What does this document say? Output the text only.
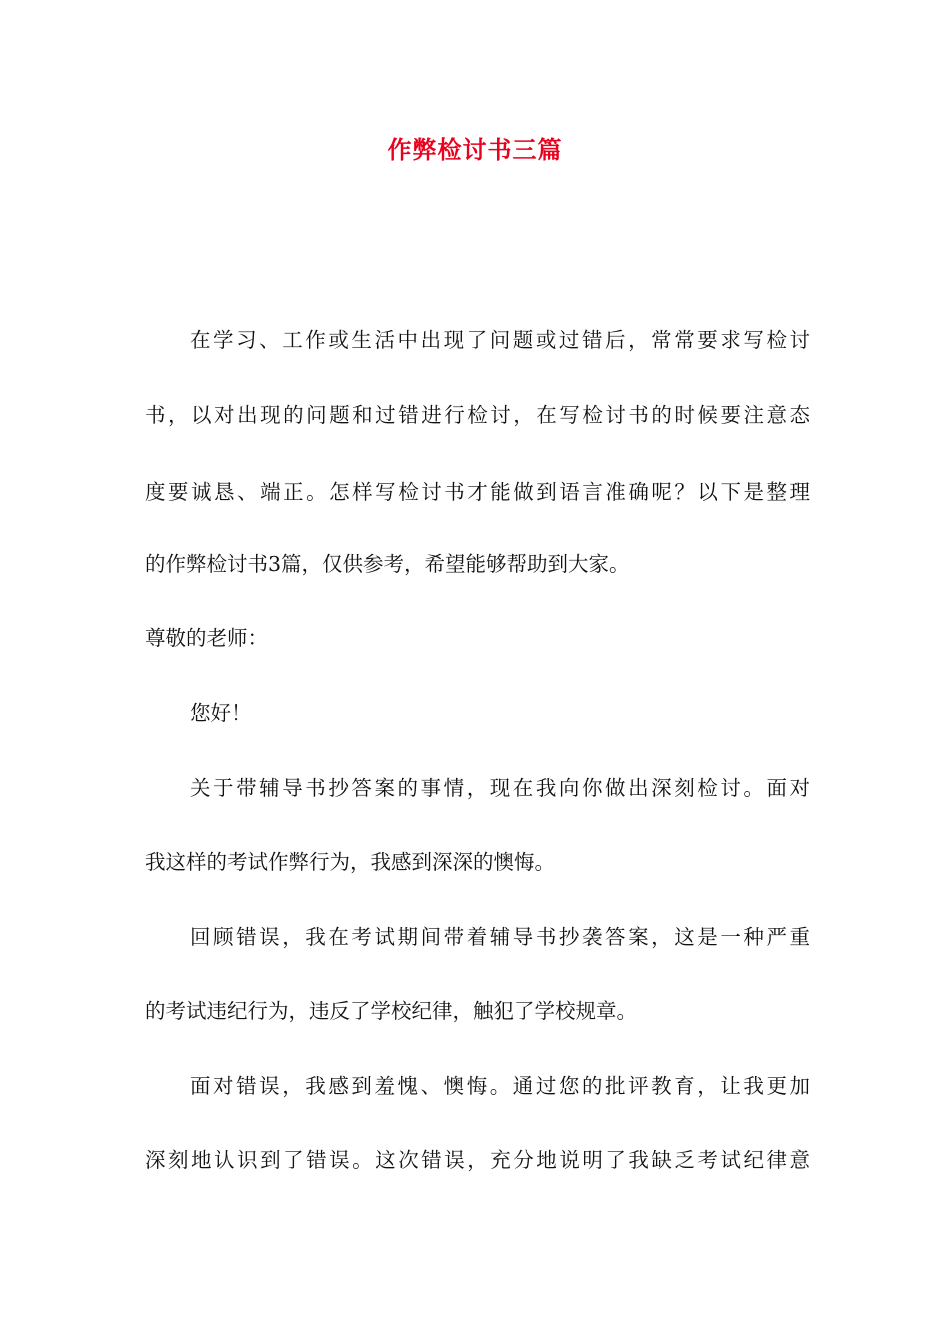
作弊检讨书三篇
在学习、工作或生活中出现了问题或过错后，常常要求写检讨
书，以对出现的问题和过错进行检讨，在写检讨书的时候要注意态
度要诚恳、端正。怎样写检讨书才能做到语言准确呢？以下是整理
的作弊检讨书3篇，仅供参考，希望能够帮助到大家。
尊敬的老师：
您好！
关于带辅导书抄答案的事情，现在我向你做出深刻检讨。面对
我这样的考试作弊行为，我感到深深的懊悔。
回顾错误，我在考试期间带着辅导书抄袭答案，这是一种严重
的考试违纪行为，违反了学校纪律，触犯了学校规章。
面对错误，我感到羞愧、懊悔。通过您的批评教育，让我更加
深刻地认识到了错误。这次错误，充分地说明了我缺乏考试纪律意
